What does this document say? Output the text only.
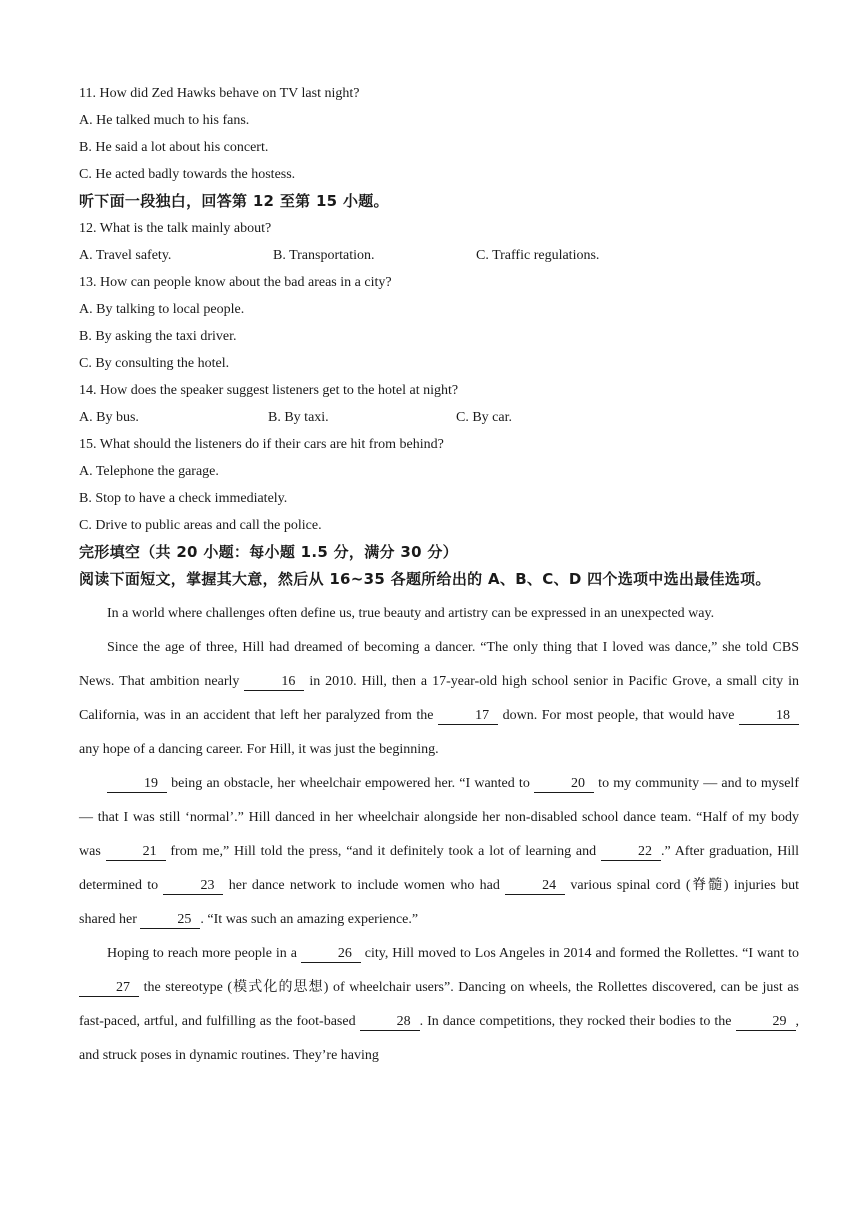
11. How did Zed Hawks behave on TV last night?
A. He talked much to his fans.
B. He said a lot about his concert.
C. He acted badly towards the hostess.
听下面一段独白，回答第 12 至第 15 小题。
12. What is the talk mainly about?
A. Travel safety.	B. Transportation.	C. Traffic regulations.
13. How can people know about the bad areas in a city?
A. By talking to local people.
B. By asking the taxi driver.
C. By consulting the hotel.
14. How does the speaker suggest listeners get to the hotel at night?
A. By bus.	B. By taxi.	C. By car.
15. What should the listeners do if their cars are hit from behind?
A. Telephone the garage.
B. Stop to have a check immediately.
C. Drive to public areas and call the police.
完形填空（共 20 小题：每小题 1.5 分，满分 30 分）
阅读下面短文，掌握其大意，然后从 16~35 各题所给出的 A、B、C、D 四个选项中选出最佳选项。

In a world where challenges often define us, true beauty and artistry can be expressed in an unexpected way.

Since the age of three, Hill had dreamed of becoming a dancer. “The only thing that I loved was dance,” she told CBS News. That ambition nearly	16 in 2010. Hill, then a 17-year-old high school senior in Pacific Grove, a small city in California, was in an accident that left her paralyzed from the	17 down. For most people, that would have	18 any hope of a dancing career. For Hill, it was just the beginning.

19 being an obstacle, her wheelchair empowered her. “I wanted to	20 to my community — and to myself — that I was still ‘normal’.” Hill danced in her wheelchair alongside her non-disabled school dance team. “Half of my body was	21 from me,” Hill told the press, “and it definitely took a lot of learning and	22 .” After graduation, Hill determined to	23 her dance network to include women who had	24 various spinal cord (脊髓) injuries but shared her	25 . “It was such an amazing experience.”

Hoping to reach more people in a	26 city, Hill moved to Los Angeles in 2014 and formed the Rollettes. “I want to 27 the stereotype (模式化的思想) of wheelchair users”. Dancing on wheels, the Rollettes discovered, can be just as fast-paced, artful, and fulfilling as the foot-based	28 . In dance competitions, they rocked their bodies to the	29 , and struck poses in dynamic routines. They’re having
